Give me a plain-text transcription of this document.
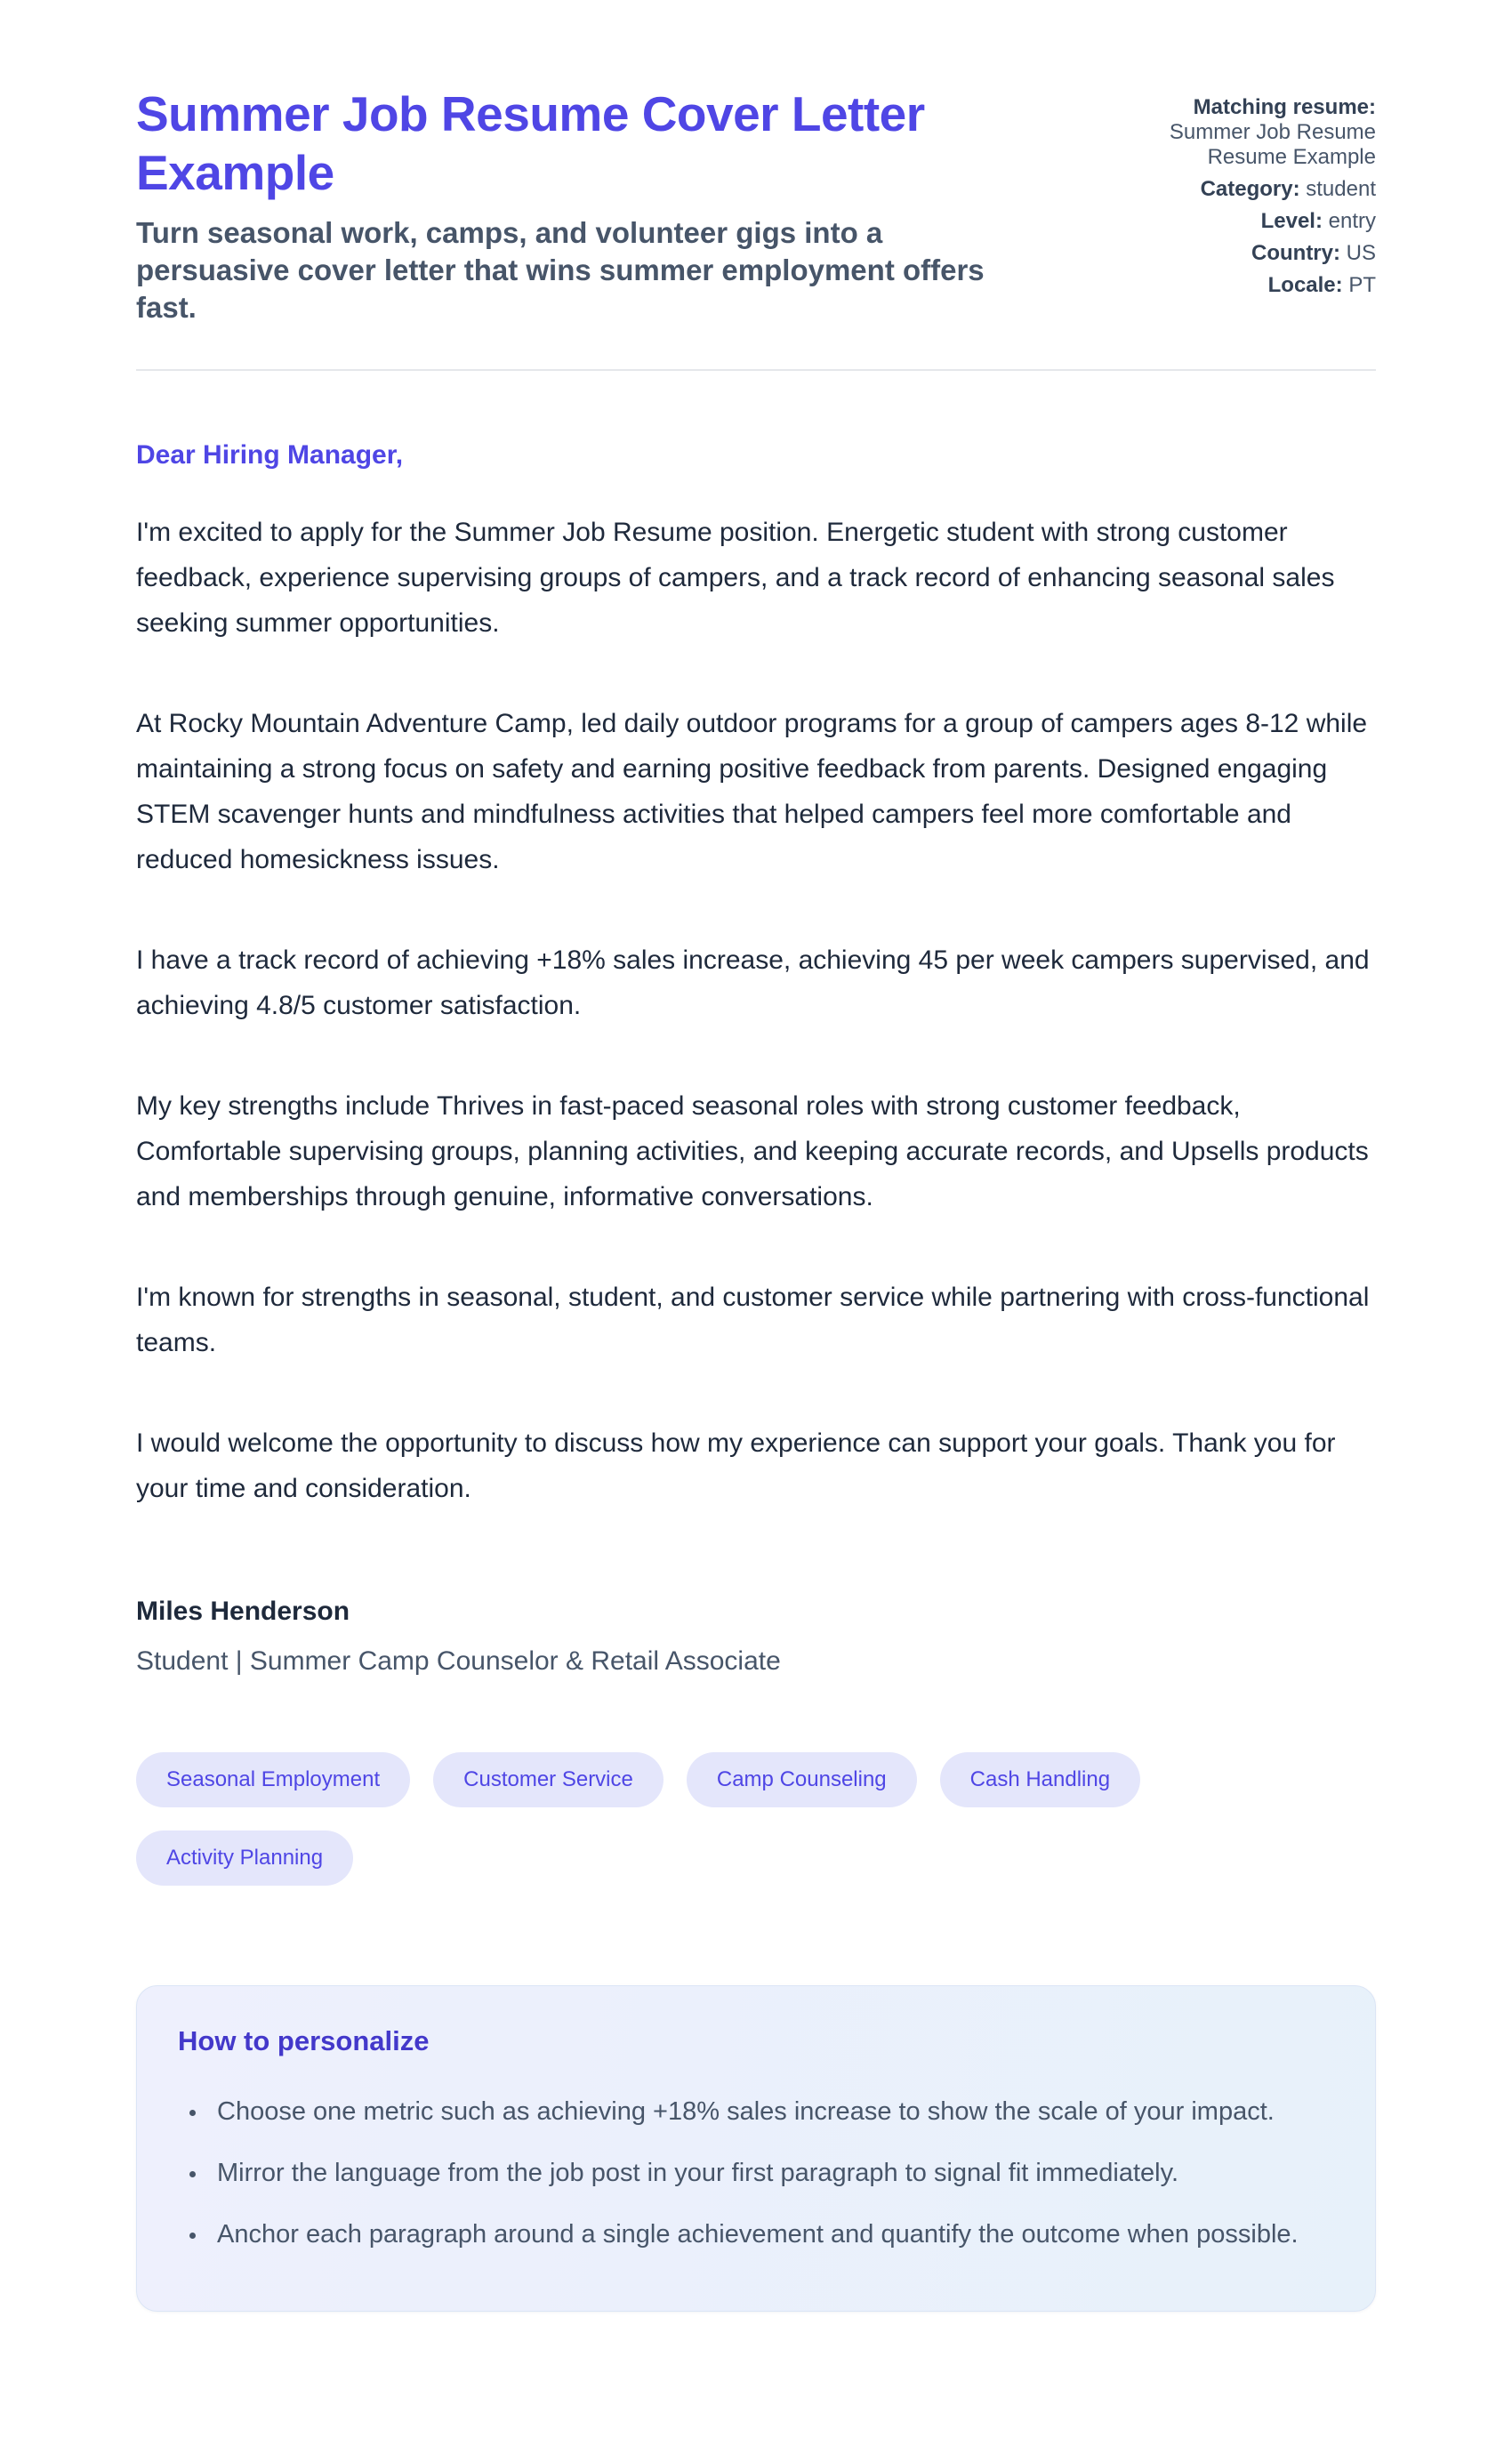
Summer Job Resume Cover Letter Example
Turn seasonal work, camps, and volunteer gigs into a persuasive cover letter that wins summer employment offers fast.
Matching resume:
Summer Job Resume Resume Example
Category: student
Level: entry
Country: US
Locale: PT
Dear Hiring Manager,

I'm excited to apply for the Summer Job Resume position. Energetic student with strong customer feedback, experience supervising groups of campers, and a track record of enhancing seasonal sales seeking summer opportunities.

At Rocky Mountain Adventure Camp, led daily outdoor programs for a group of campers ages 8-12 while maintaining a strong focus on safety and earning positive feedback from parents. Designed engaging STEM scavenger hunts and mindfulness activities that helped campers feel more comfortable and reduced homesickness issues.

I have a track record of achieving +18% sales increase, achieving 45 per week campers supervised, and achieving 4.8/5 customer satisfaction.

My key strengths include Thrives in fast-paced seasonal roles with strong customer feedback, Comfortable supervising groups, planning activities, and keeping accurate records, and Upsells products and memberships through genuine, informative conversations.

I'm known for strengths in seasonal, student, and customer service while partnering with cross-functional teams.

I would welcome the opportunity to discuss how my experience can support your goals. Thank you for your time and consideration.

Miles Henderson
Student | Summer Camp Counselor & Retail Associate
Seasonal Employment	Customer Service	Camp Counseling	Cash Handling
Activity Planning
How to personalize
• Choose one metric such as achieving +18% sales increase to show the scale of your impact.
• Mirror the language from the job post in your first paragraph to signal fit immediately.
• Anchor each paragraph around a single achievement and quantify the outcome when possible.
